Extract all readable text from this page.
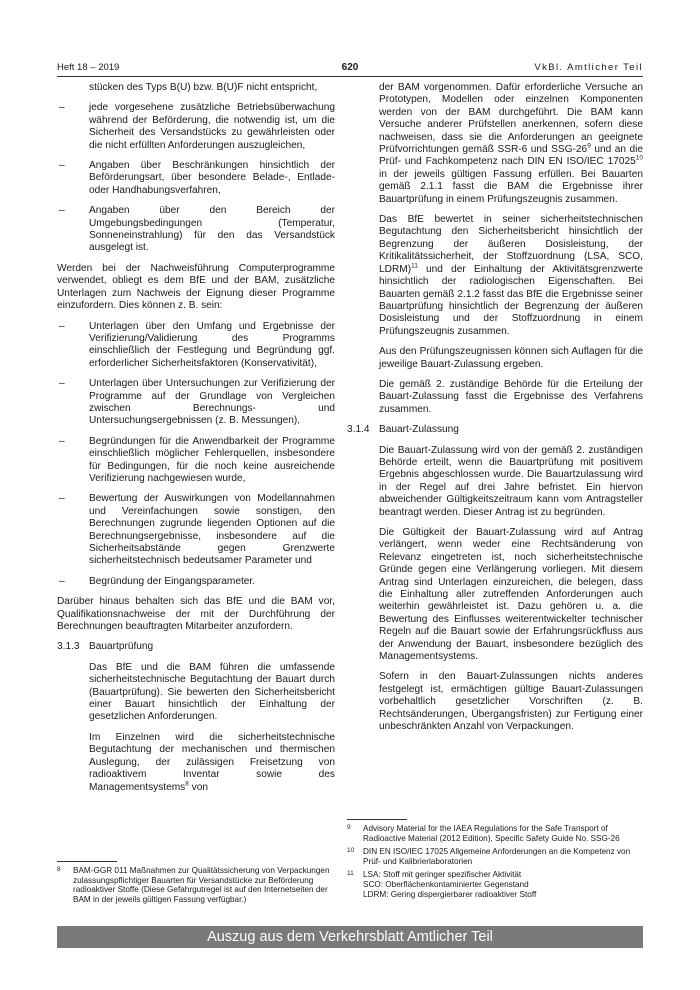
Heft 18 – 2019	620	VkBl. Amtlicher Teil

stücken des Typs B(U) bzw. B(U)F nicht entspricht,

– jede vorgesehene zusätzliche Betriebsüberwachung während der Beförderung, die notwendig ist, um die Sicherheit des Versandstücks zu gewährleisten oder die nicht erfüllten Anforderungen auszugleichen,
– Angaben über Beschränkungen hinsichtlich der Beförderungsart, über besondere Belade-, Entlade- oder Handhabungsverfahren,
– Angaben über den Bereich der Umgebungsbedingungen (Temperatur, Sonneneinstrahlung) für den das Versandstück ausgelegt ist.

Werden bei der Nachweisführung Computerprogramme verwendet, obliegt es dem BfE und der BAM, zusätzliche Unterlagen zum Nachweis der Eignung dieser Programme einzufordern. Dies können z. B. sein:

– Unterlagen über den Umfang und Ergebnisse der Verifizierung/Validierung des Programms einschließlich der Festlegung und Begründung ggf. erforderlicher Sicherheitsfaktoren (Konservativität),
– Unterlagen über Untersuchungen zur Verifizierung der Programme auf der Grundlage von Vergleichen zwischen Berechnungs- und Untersuchungsergebnissen (z. B. Messungen),
– Begründungen für die Anwendbarkeit der Programme einschließlich möglicher Fehlerquellen, insbesondere für Bedingungen, für die noch keine ausreichende Verifizierung nachgewiesen wurde,
– Bewertung der Auswirkungen von Modellannahmen und Vereinfachungen sowie sonstigen, den Berechnungen zugrunde liegenden Optionen auf die Berechnungsergebnisse, insbesondere auf die Sicherheitsabstände gegen Grenzwerte sicherheitstechnisch bedeutsamer Parameter und
– Begründung der Eingangsparameter.

Darüber hinaus behalten sich das BfE und die BAM vor, Qualifikationsnachweise der mit der Durchführung der Berechnungen beauftragten Mitarbeiter anzufordern.

3.1.3 Bauartprüfung

Das BfE und die BAM führen die umfassende sicherheitstechnische Begutachtung der Bauart durch (Bauartprüfung). Sie bewerten den Sicherheitsbericht einer Bauart hinsichtlich der Einhaltung der gesetzlichen Anforderungen.

Im Einzelnen wird die sicherheitstechnische Begutachtung der mechanischen und thermischen Auslegung, der zulässigen Freisetzung von radioaktivem Inventar sowie des Managementsystems$^8$ von

8 BAM-GGR 011 Maßnahmen zur Qualitätssicherung von Verpackungen zulassungspflichtiger Bauarten für Versandstücke zur Beförderung radioaktiver Stoffe (Diese Gefahrgutregel ist auf den Internetseiten der BAM in der jeweils gültigen Fassung verfügbar.)

der BAM vorgenommen. Dafür erforderliche Versuche an Prototypen, Modellen oder einzelnen Komponenten werden von der BAM durchgeführt. Die BAM kann Versuche anderer Prüfstellen anerkennen, sofern diese nachweisen, dass sie die Anforderungen an geeignete Prüfvorrichtungen gemäß SSR-6 und SSG-$26^9$ und an die Prüf- und Fachkompetenz nach DIN EN ISO/IEC 17025$^{10}$ in der jeweils gültigen Fassung erfüllen. Bei Bauarten gemäß 2.1.1 fasst die BAM die Ergebnisse ihrer Bauartprüfung in einem Prüfungszeugnis zusammen.

Das BfE bewertet in seiner sicherheitstechnischen Begutachtung den Sicherheitsbericht hinsichtlich der Begrenzung der äußeren Dosisleistung, der Kritikalitätssicherheit, der Stoffzuordnung (LSA, SCO, LDRM)$^{11}$ und der Einhaltung der Aktivitätsgrenzwerte hinsichtlich der radiologischen Eigenschaften. Bei Bauarten gemäß 2.1.2 fasst das BfE die Ergebnisse seiner Bauartprüfung hinsichtlich der Begrenzung der äußeren Dosisleistung und der Stoffzuordnung in einem Prüfungszeugnis zusammen.

Aus den Prüfungszeugnissen können sich Auflagen für die jeweilige Bauart-Zulassung ergeben.

Die gemäß 2. zuständige Behörde für die Erteilung der Bauart-Zulassung fasst die Ergebnisse des Verfahrens zusammen.

3.1.4 Bauart-Zulassung

Die Bauart-Zulassung wird von der gemäß 2. zuständigen Behörde erteilt, wenn die Bauartprüfung mit positivem Ergebnis abgeschlossen wurde. Die Bauartzulassung wird in der Regel auf drei Jahre befristet. Ein hiervon abweichender Gültigkeitszeitraum kann vom Antragsteller beantragt werden. Dieser Antrag ist zu begründen.

Die Gültigkeit der Bauart-Zulassung wird auf Antrag verlängert, wenn weder eine Rechtsänderung von Relevanz eingetreten ist, noch sicherheitstechnische Gründe gegen eine Verlängerung vorliegen. Mit diesem Antrag sind Unterlagen einzureichen, die belegen, dass die Einhaltung aller zutreffenden Anforderungen auch weiterhin gewährleistet ist. Dazu gehören u. a. die Bewertung des Einflusses weiterentwickelter technischer Regeln auf die Bauart sowie der Erfahrungsrückfluss aus der Anwendung der Bauart, insbesondere bezüglich des Managementsystems.

Sofern in den Bauart-Zulassungen nichts anderes festgelegt ist, ermächtigen gültige Bauart-Zulassungen vorbehaltlich gesetzlicher Vorschriften (z. B. Rechtsänderungen, Übergangsfristen) zur Fertigung einer unbeschränkten Anzahl von Verpackungen.

9 Advisory Material for the IAEA Regulations for the Safe Transport of Radioactive Material (2012 Edition), Specific Safety Guide No. SSG-26
10 DIN EN ISO/IEC 17025 Allgemeine Anforderungen an die Kompetenz von Prüf- und Kalibrierlaboratorien
11 LSA: Stoff mit geringer spezifischer Aktivität
SCO: Oberflächenkontaminierter Gegenstand
LDRM: Gering dispergierbarer radioaktiver Stoff
Auszug aus dem Verkehrsblatt Amtlicher Teil
